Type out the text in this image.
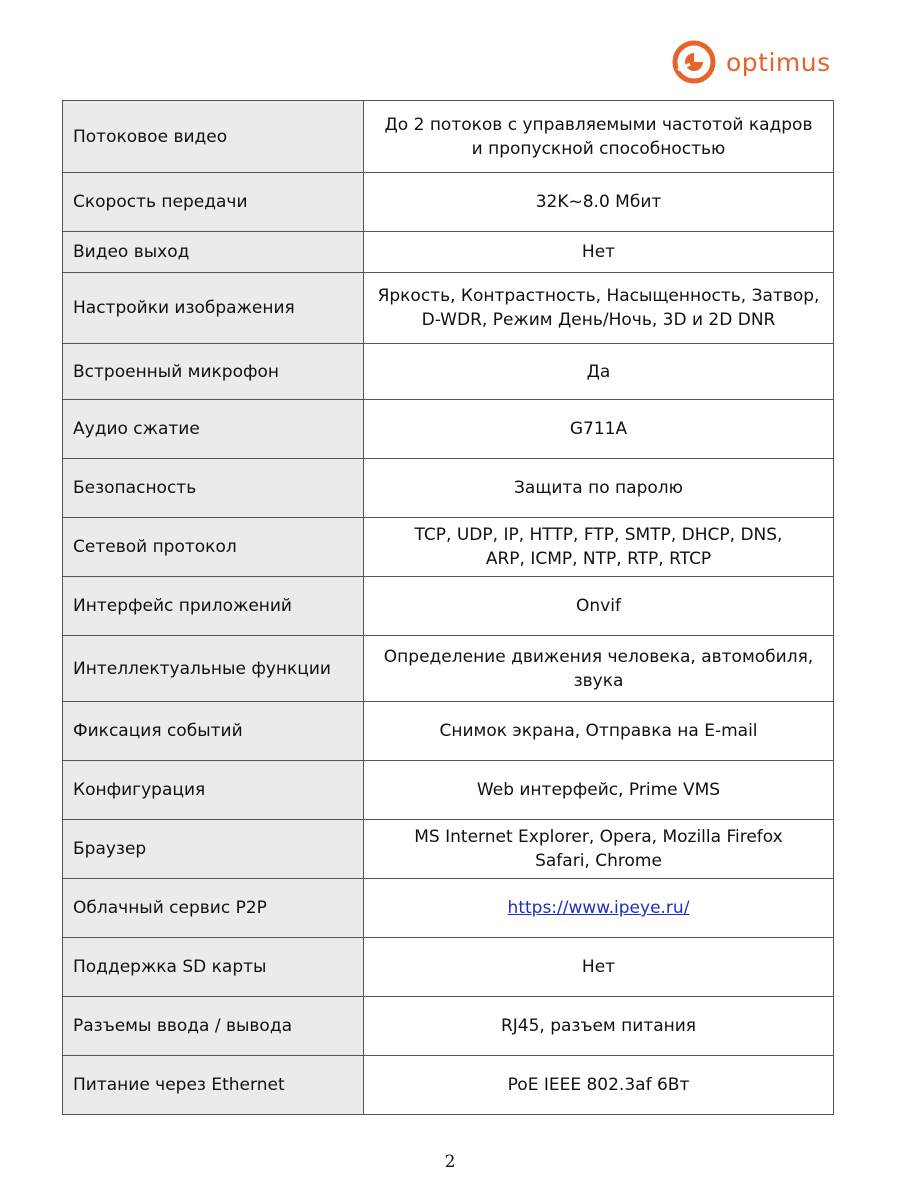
optimus
Потоковое видео	До 2 потоков с управляемыми частотой кадров
и пропускной способностью
Скорость передачи	32K~8.0 Мбит
Видео выход	Нет
Настройки изображения	Яркость, Контрастность, Насыщенность, Затвор,
D-WDR, Режим День/Ночь, 3D и 2D DNR
Встроенный микрофон	Да
Аудио сжатие	G711A
Безопасность	Защита по паролю
Сетевой протокол	TCP, UDP, IP, HTTP, FTP, SMTP, DHCP, DNS,
ARP, ICMP, NTP, RTP, RTCP
Интерфейс приложений	Onvif
Интеллектуальные функции	Определение движения человека, автомобиля,
звука
Фиксация событий	Снимок экрана, Отправка на E-mail
Конфигурация	Web интерфейс, Prime VMS
Браузер	MS Internet Explorer, Opera, Mozilla Firefox
Safari, Chrome
Облачный сервис P2P	https://www.ipeye.ru/
Поддержка SD карты	Нет
Разъемы ввода / вывода	RJ45, разъем питания
Питание через Ethernet	PoE IEEE 802.3af 6Вт
2
